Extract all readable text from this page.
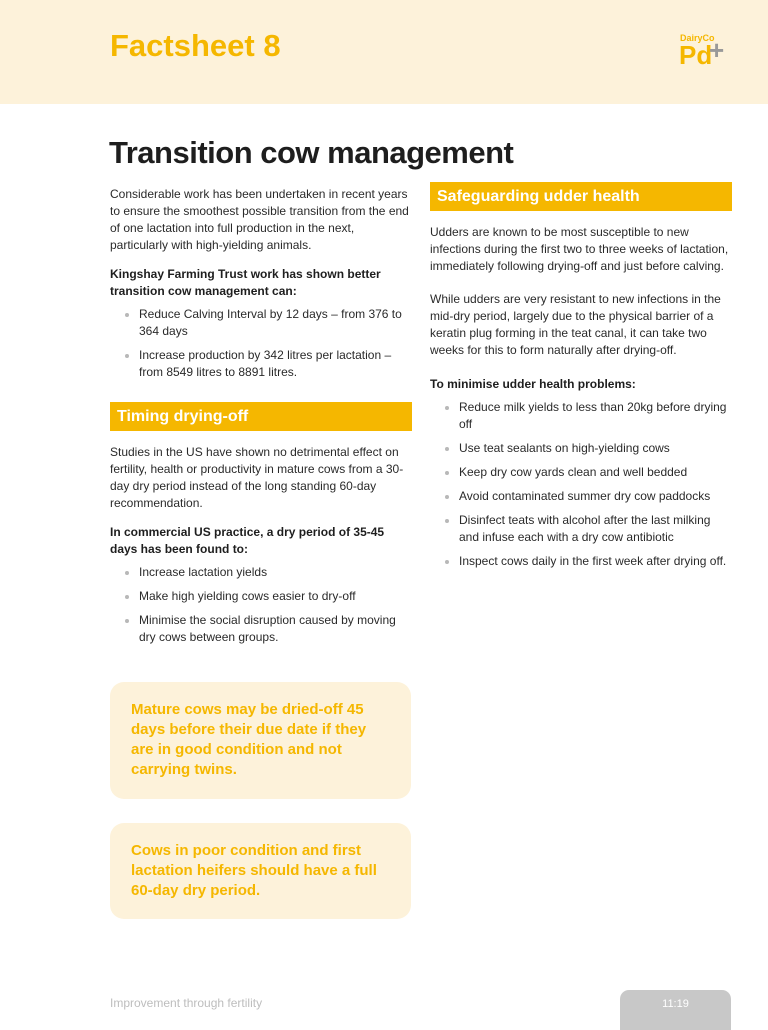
Factsheet 8	DairyCo
Pd
+
Transition cow management

Considerable work has been undertaken in recent years to ensure the smoothest possible transition from the end of one lactation into full production in the next, particularly with high-yielding animals.

Kingshay Farming Trust work has shown better transition cow management can:

Reduce Calving Interval by 12 days – from 376 to 364 days
Increase production by 342 litres per lactation – from 8549 litres to 8891 litres.
Timing drying-off

Studies in the US have shown no detrimental effect on fertility, health or productivity in mature cows from a 30-day dry period instead of the long standing 60-day recommendation.

In commercial US practice, a dry period of 35-45 days has been found to:

Increase lactation yields
Make high yielding cows easier to dry-off
Minimise the social disruption caused by moving dry cows between groups.
Mature cows may be dried-off 45 days before their due date if they are in good condition and not carrying twins.
Cows in poor condition and first lactation heifers should have a full 60-day dry period.
Safeguarding udder health

Udders are known to be most susceptible to new infections during the first two to three weeks of lactation, immediately following drying-off and just before calving.

While udders are very resistant to new infections in the mid-dry period, largely due to the physical barrier of a keratin plug forming in the teat canal, it can take two weeks for this to form naturally after drying-off.

To minimise udder health problems:

Reduce milk yields to less than 20kg before drying off
Use teat sealants on high-yielding cows
Keep dry cow yards clean and well bedded
Avoid contaminated summer dry cow paddocks
Disinfect teats with alcohol after the last milking and infuse each with a dry cow antibiotic
Inspect cows daily in the first week after drying off.
Improvement through fertility	11:19
